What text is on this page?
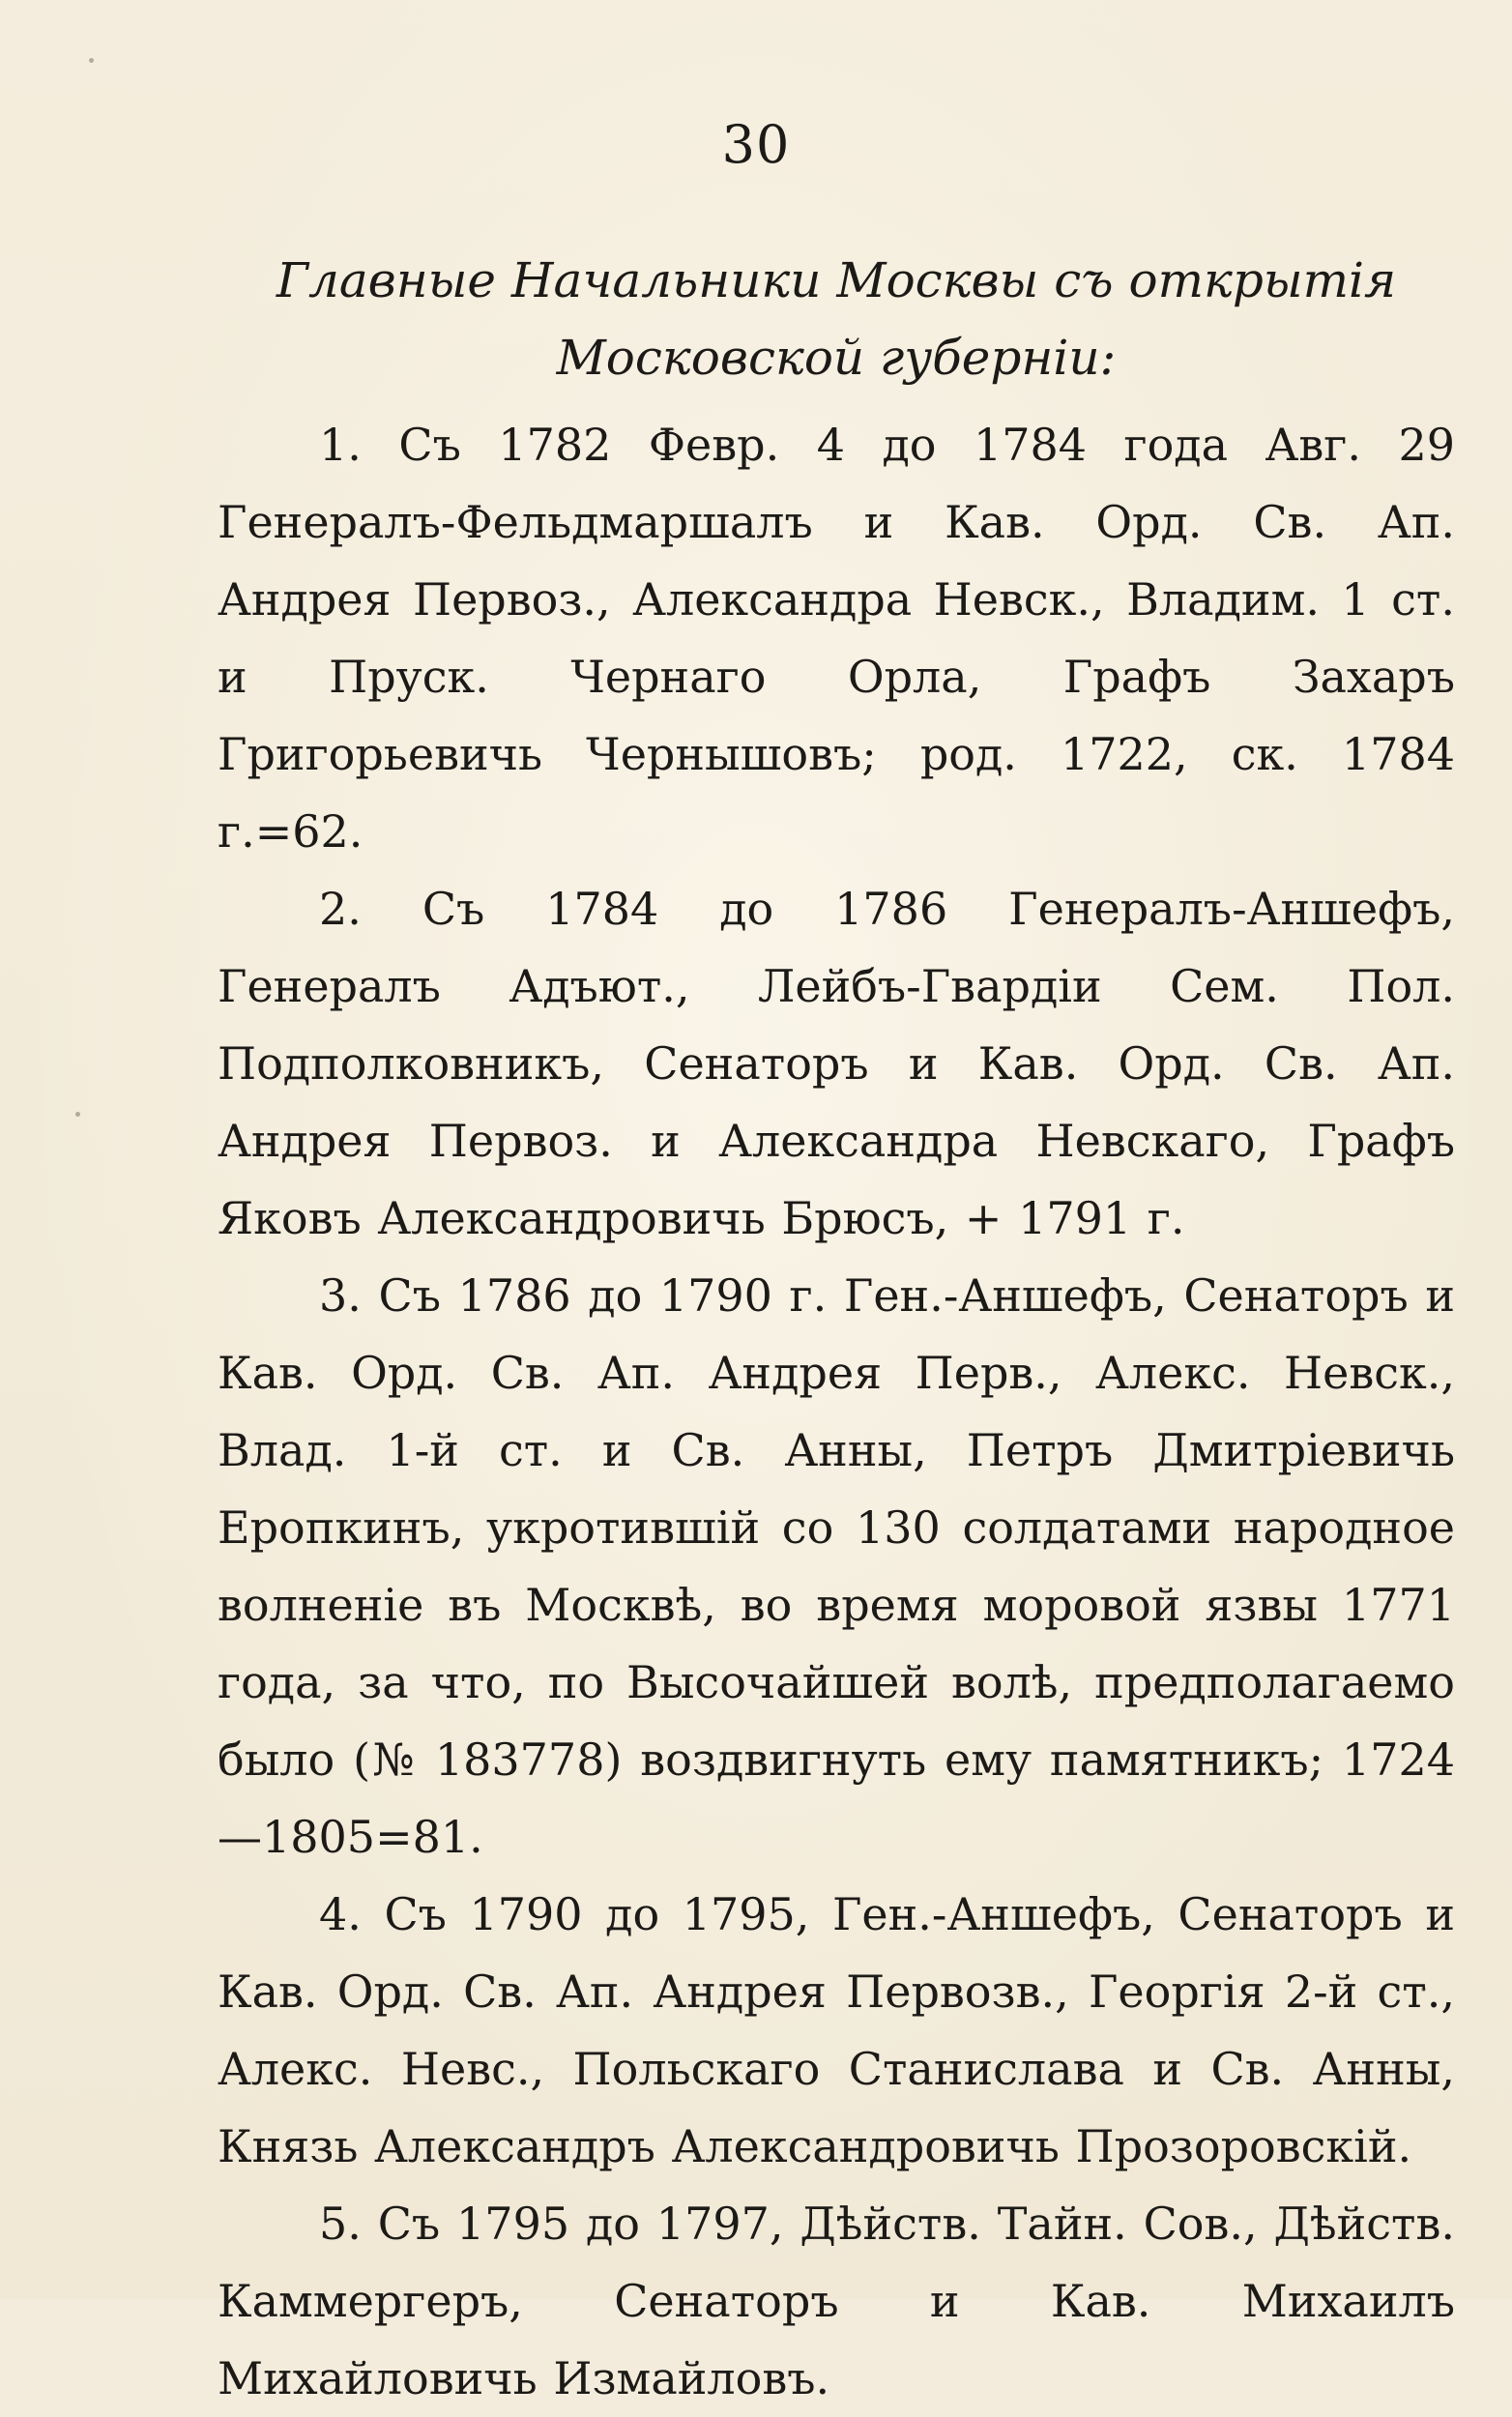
30
Главные Начальники Москвы съ открытія Московской губерніи:

1. Съ 1782 Февр. 4 до 1784 года Авг. 29 Генералъ-Фельдмаршалъ и Кав. Орд. Св. Ап. Андрея Первоз., Александра Невск., Владим. 1 ст. и Пруск. Чернаго Орла, Графъ Захаръ Григорьевичь Чернышовъ; род. 1722, ск. 1784 г.=62.

2. Съ 1784 до 1786 Генералъ-Аншефъ, Генералъ Адъют., Лейбъ-Гвардіи Сем. Пол. Подполковникъ, Сенаторъ и Кав. Орд. Св. Ап. Андрея Первоз. и Александра Невскаго, Графъ Яковъ Александровичь Брюсъ, + 1791 г.

3. Съ 1786 до 1790 г. Ген.-Аншефъ, Сенаторъ и Кав. Орд. Св. Ап. Андрея Перв., Алекс. Невск., Влад. 1-й ст. и Св. Анны, Петръ Дмитріевичь Еропкинъ, укротившій со 130 солдатами народное волненіе въ Москвѣ, во время моровой язвы 1771 года, за что, по Высочайшей волѣ, предполагаемо было (№ 183778) воздвигнуть ему памятникъ; 1724—1805=81.

4. Съ 1790 до 1795, Ген.-Аншефъ, Сенаторъ и Кав. Орд. Св. Ап. Андрея Первозв., Георгія 2-й ст., Алекс. Невс., Польскаго Станислава и Св. Анны, Князь Александръ Александровичь Прозоровскій.

5. Съ 1795 до 1797, Дѣйств. Тайн. Сов., Дѣйств. Каммергеръ, Сенаторъ и Кав. Михаилъ Михайловичь Измайловъ.
